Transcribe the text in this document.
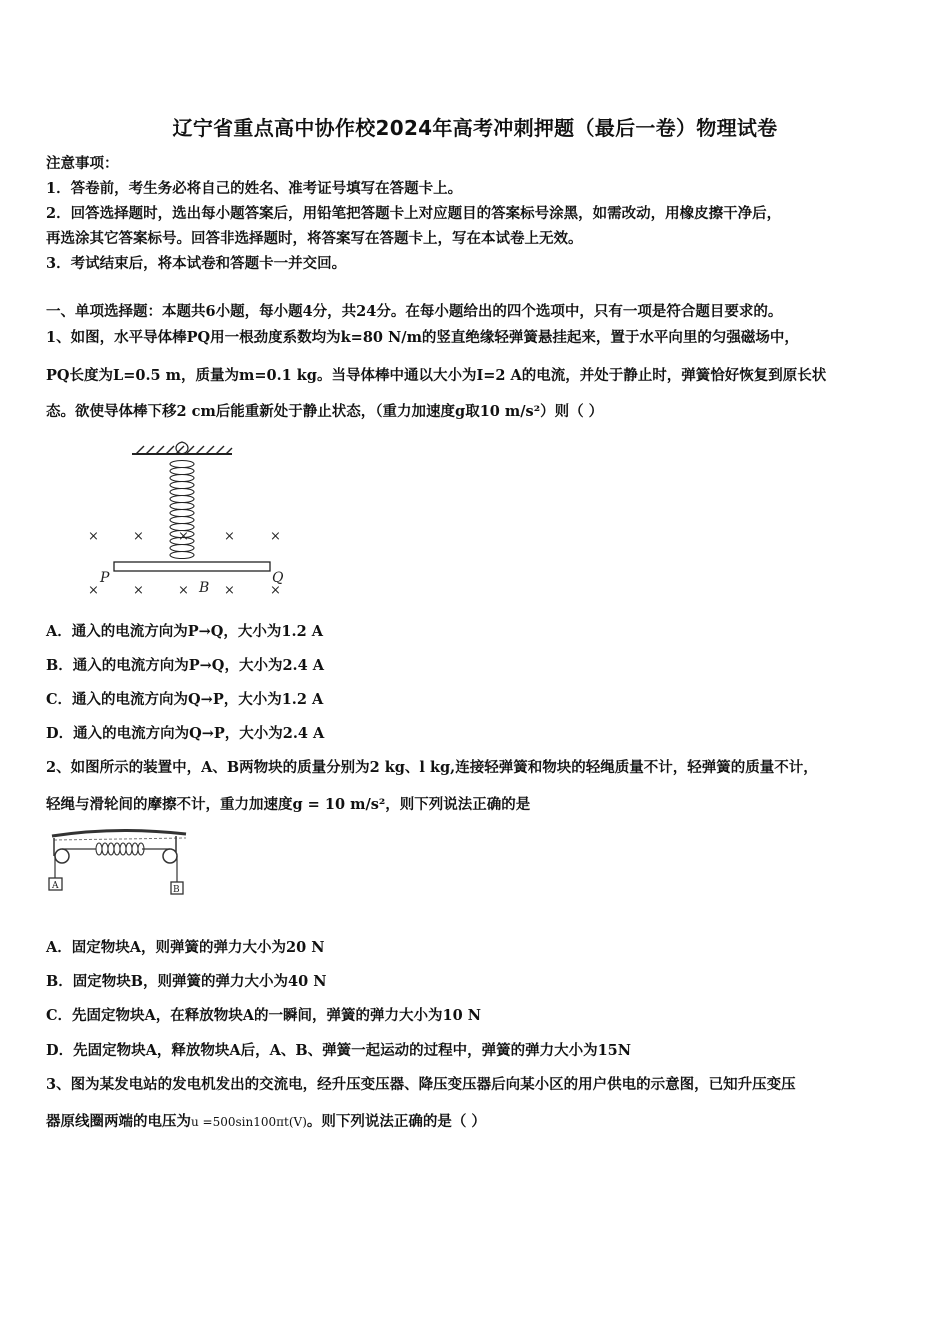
辽宁省重点高中协作校2024年高考冲刺押题（最后一卷）物理试卷
注意事项：
1．答卷前，考生务必将自己的姓名、准考证号填写在答题卡上。
2．回答选择题时，选出每小题答案后，用铅笔把答题卡上对应题目的答案标号涂黑，如需改动，用橡皮擦干净后，
再选涂其它答案标号。回答非选择题时，将答案写在答题卡上，写在本试卷上无效。
3．考试结束后，将本试卷和答题卡一并交回。
一、单项选择题：本题共6小题，每小题4分，共24分。在每小题给出的四个选项中，只有一项是符合题目要求的。
1、如图，水平导体棒PQ用一根劲度系数均为k=80 N/m的竖直绝缘轻弹簧悬挂起来，置于水平向里的匀强磁场中，
PQ长度为L=0.5 m，质量为m=0.1 kg。当导体棒中通以大小为I=2 A的电流，并处于静止时，弹簧恰好恢复到原长状
态。欲使导体棒下移2 cm后能重新处于静止状态，（重力加速度g取10 m/s²）则（ ）
×	×	×	×	×
×	×	×	×	×
P	Q
B
A．通入的电流方向为P→Q，大小为1.2 A
B．通入的电流方向为P→Q，大小为2.4 A
C．通入的电流方向为Q→P，大小为1.2 A
D．通入的电流方向为Q→P，大小为2.4 A
2、如图所示的装置中，A、B两物块的质量分别为2 kg、l kg,连接轻弹簧和物块的轻绳质量不计，轻弹簧的质量不计，
轻绳与滑轮间的摩擦不计，重力加速度g = 10 m/s²，则下列说法正确的是
A	B
A．固定物块A，则弹簧的弹力大小为20 N
B．固定物块B，则弹簧的弹力大小为40 N
C．先固定物块A，在释放物块A的一瞬间，弹簧的弹力大小为10 N
D．先固定物块A，释放物块A后，A、B、弹簧一起运动的过程中，弹簧的弹力大小为15N
3、图为某发电站的发电机发出的交流电，经升压变压器、降压变压器后向某小区的用户供电的示意图，已知升压变压
器原线圈两端的电压为u =500sin100πt(V)。则下列说法正确的是（ ）
